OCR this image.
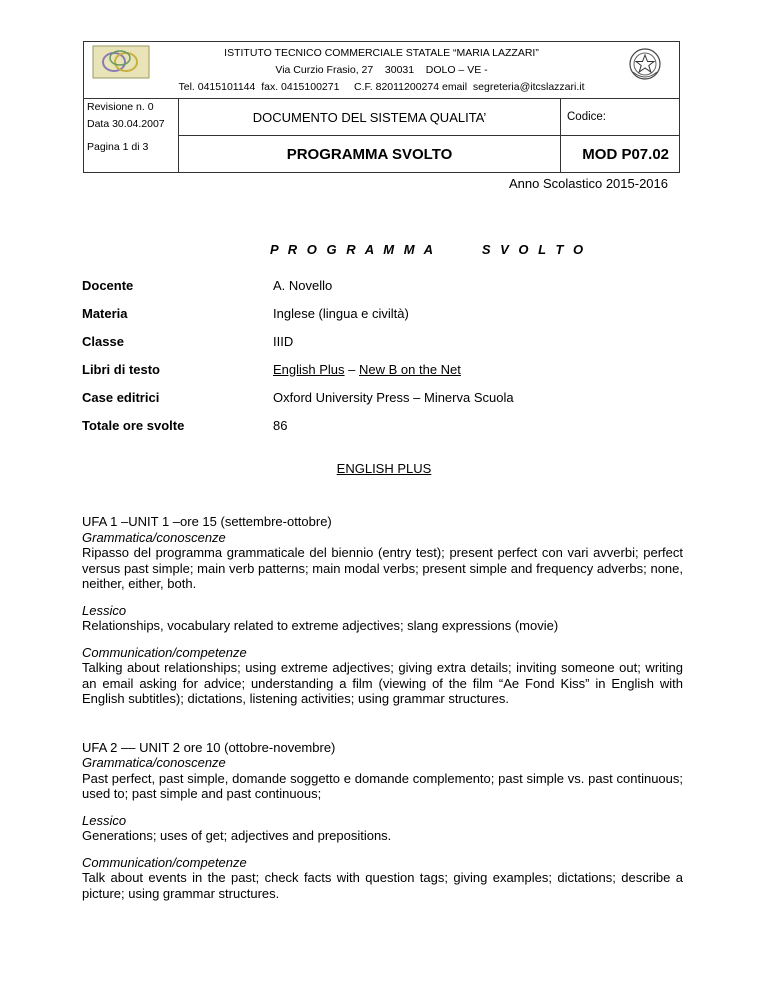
ISTITUTO TECNICO COMMERCIALE STATALE “MARIA LAZZARI”
Via Curzio Frasio, 27    30031    DOLO – VE -
Tel. 0415101144  fax. 0415100271     C.F. 82011200274 email  segreteria@itcslazzari.it		

Revisione n. 0
Data 30.04.2007
Pagina 1 di 3	DOCUMENTO DEL SISTEMA QUALITA’	Codice:
	PROGRAMMA SVOLTO	MOD P07.02
Anno Scolastico 2015-2016
P R O G R A M M A       S V O L T O
Docente	A. Novello
Materia	Inglese (lingua e civiltà)
Classe	IIID
Libri di testo	English Plus – New B on the Net
Case editrici	Oxford University Press – Minerva Scuola
Totale ore svolte	86
ENGLISH PLUS

UFA 1 –UNIT 1 –ore 15 (settembre-ottobre)

Grammatica/conoscenze

Ripasso del programma grammaticale del biennio (entry test); present perfect con vari avverbi; perfect versus past simple; main verb patterns; main modal verbs; present simple and frequency adverbs; none, neither, either, both.

Lessico

Relationships, vocabulary related to extreme adjectives; slang expressions (movie)

Communication/competenze

Talking about relationships; using extreme adjectives; giving extra details; inviting someone out; writing an email asking for advice; understanding a film (viewing of the film “Ae Fond Kiss” in English with English subtitles); dictations, listening activities; using grammar structures.

UFA 2 –– UNIT 2 ore 10 (ottobre-novembre)

Grammatica/conoscenze

Past perfect, past simple, domande soggetto e domande complemento; past simple vs. past continuous; used to; past simple and past continuous;

Lessico

Generations; uses of get; adjectives and prepositions.

Communication/competenze

Talk about events in the past; check facts with question tags; giving examples; dictations; describe a picture; using grammar structures.
